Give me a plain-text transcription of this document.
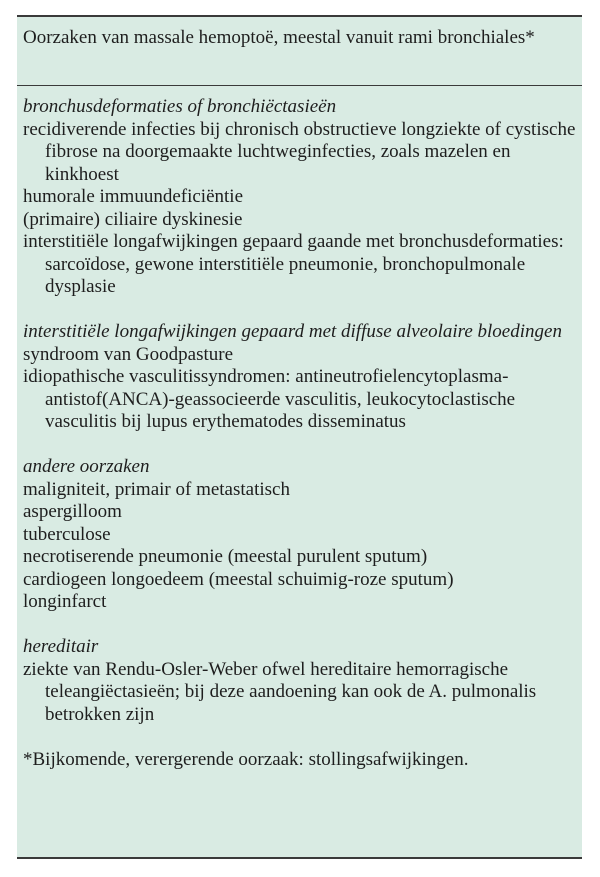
Oorzaken van massale hemoptoë, meestal vanuit rami bronchiales*
bronchusdeformaties of bronchiëctasieën
recidiverende infecties bij chronisch obstructieve longziekte of cystische fibrose na doorgemaakte luchtweginfecties, zoals mazelen en kinkhoest
humorale immuundeficiëntie
(primaire) ciliaire dyskinesie
interstitiële longafwijkingen gepaard gaande met bronchusdeformaties: sarcoïdose, gewone interstitiële pneumonie, bronchopulmonale dysplasie
interstitiële longafwijkingen gepaard met diffuse alveolaire bloedingen
syndroom van Goodpasture
idiopathische vasculitissyndromen: antineutrofielencytoplasma-antistof(ANCA)-geassocieerde vasculitis, leukocytoclastische vasculitis bij lupus erythematodes disseminatus
andere oorzaken
maligniteit, primair of metastatisch
aspergilloom
tuberculose
necrotiserende pneumonie (meestal purulent sputum)
cardiogeen longoedeem (meestal schuimig-roze sputum)
longinfarct
hereditair
ziekte van Rendu-Osler-Weber ofwel hereditaire hemorragische teleangiëctasieën; bij deze aandoening kan ook de A. pulmonalis betrokken zijn
*Bijkomende, verergerende oorzaak: stollingsafwijkingen.
